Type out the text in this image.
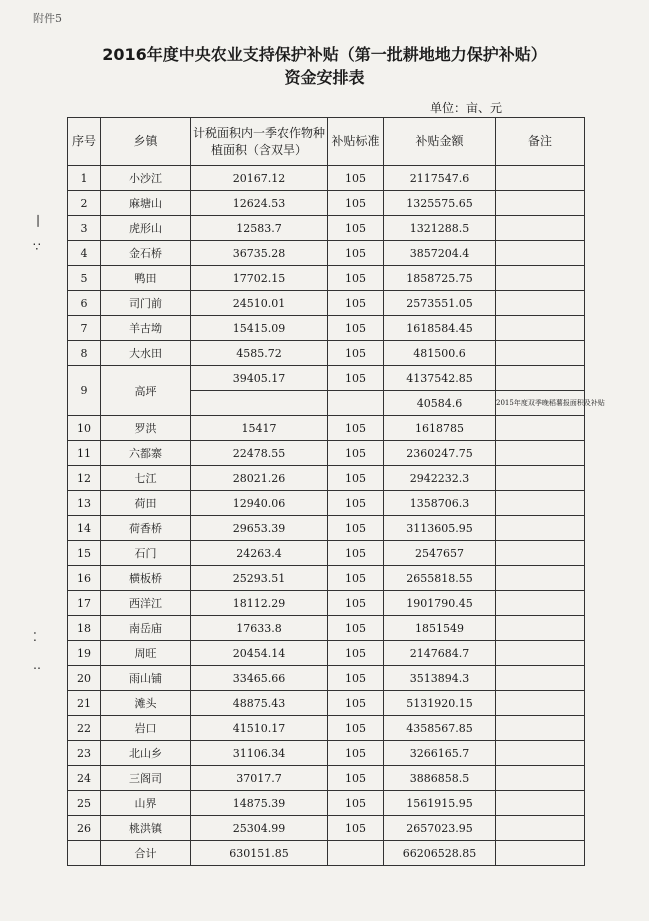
附件5
2016年度中央农业支持保护补贴（第一批耕地地力保护补贴）
资金安排表
单位：亩、元
❘
∵
⁚
‥
序号	乡镇	计税面积内一季农作物种植面积（含双旱）	补贴标准	补贴金额	备注
1	小沙江	20167.12	105	2117547.6	
2	麻塘山	12624.53	105	1325575.65	
3	虎形山	12583.7	105	1321288.5	
4	金石桥	36735.28	105	3857204.4	
5	鸭田	17702.15	105	1858725.75	
6	司门前	24510.01	105	2573551.05	
7	羊古坳	15415.09	105	1618584.45	
8	大水田	4585.72	105	481500.6	
9	高坪	39405.17	105	4137542.85	
				40584.6	2015年度双季晚稻薯报面积及补贴
10	罗洪	15417	105	1618785	
11	六都寨	22478.55	105	2360247.75	
12	七江	28021.26	105	2942232.3	
13	荷田	12940.06	105	1358706.3	
14	荷香桥	29653.39	105	3113605.95	
15	石门	24263.4	105	2547657	
16	横板桥	25293.51	105	2655818.55	
17	西洋江	18112.29	105	1901790.45	
18	南岳庙	17633.8	105	1851549	
19	周旺	20454.14	105	2147684.7	
20	雨山铺	33465.66	105	3513894.3	
21	滩头	48875.43	105	5131920.15	
22	岩口	41510.17	105	4358567.85	
23	北山乡	31106.34	105	3266165.7	
24	三阁司	37017.7	105	3886858.5	
25	山界	14875.39	105	1561915.95	
26	桃洪镇	25304.99	105	2657023.95	
	合计	630151.85		66206528.85	
